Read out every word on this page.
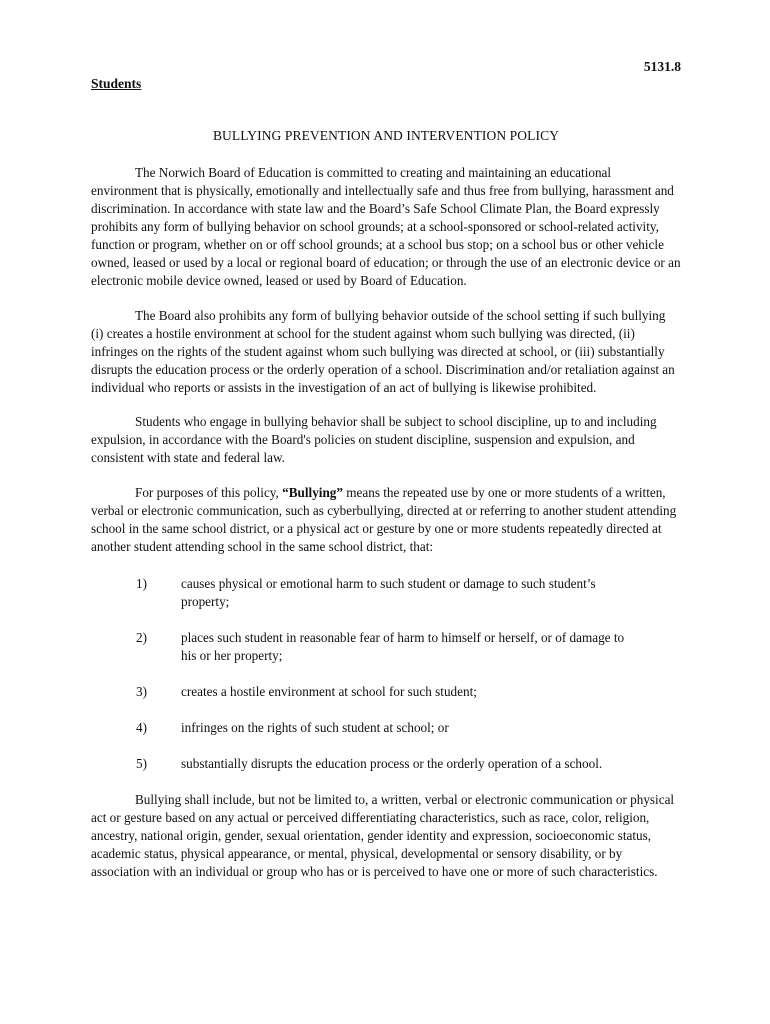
5131.8
Students
BULLYING PREVENTION AND INTERVENTION POLICY

The Norwich Board of Education is committed to creating and maintaining an educational environment that is physically, emotionally and intellectually safe and thus free from bullying, harassment and discrimination. In accordance with state law and the Board’s Safe School Climate Plan, the Board expressly prohibits any form of bullying behavior on school grounds; at a school-sponsored or school-related activity, function or program, whether on or off school grounds; at a school bus stop; on a school bus or other vehicle owned, leased or used by a local or regional board of education; or through the use of an electronic device or an electronic mobile device owned, leased or used by Board of Education.

The Board also prohibits any form of bullying behavior outside of the school setting if such bullying (i) creates a hostile environment at school for the student against whom such bullying was directed, (ii) infringes on the rights of the student against whom such bullying was directed at school, or (iii) substantially disrupts the education process or the orderly operation of a school. Discrimination and/or retaliation against an individual who reports or assists in the investigation of an act of bullying is likewise prohibited.

Students who engage in bullying behavior shall be subject to school discipline, up to and including expulsion, in accordance with the Board's policies on student discipline, suspension and expulsion, and consistent with state and federal law.

For purposes of this policy, “Bullying” means the repeated use by one or more students of a written, verbal or electronic communication, such as cyberbullying, directed at or referring to another student attending school in the same school district, or a physical act or gesture by one or more students repeatedly directed at another student attending school in the same school district, that:

1)	causes physical or emotional harm to such student or damage to such student’s property;
2)	places such student in reasonable fear of harm to himself or herself, or of damage to his or her property;
3)	creates a hostile environment at school for such student;
4)	infringes on the rights of such student at school; or
5)	substantially disrupts the education process or the orderly operation of a school.

Bullying shall include, but not be limited to, a written, verbal or electronic communication or physical act or gesture based on any actual or perceived differentiating characteristics, such as race, color, religion, ancestry, national origin, gender, sexual orientation, gender identity and expression, socioeconomic status, academic status, physical appearance, or mental, physical, developmental or sensory disability, or by association with an individual or group who has or is perceived to have one or more of such characteristics.
